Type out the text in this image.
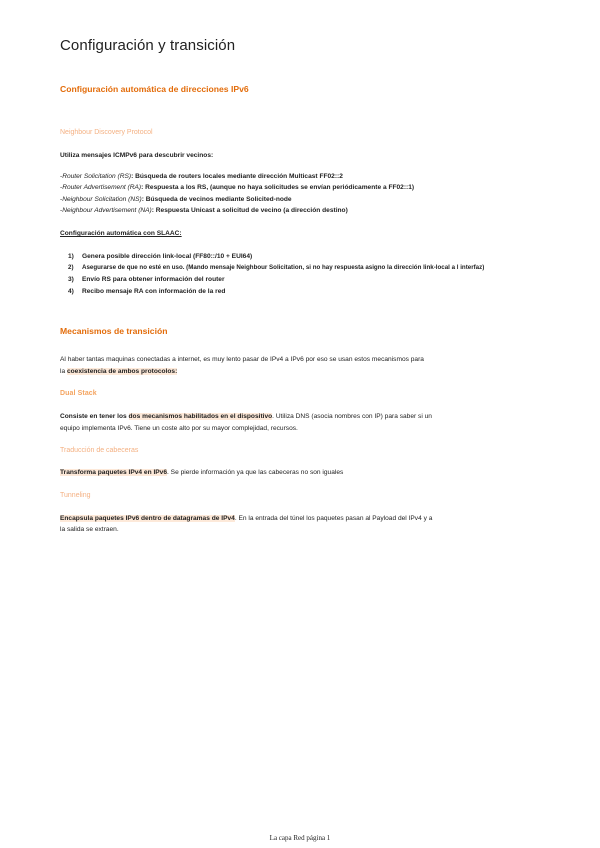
Configuración y transición
Configuración automática de direcciones IPv6
Neighbour Discovery Protocol
Utiliza mensajes ICMPv6 para descubrir vecinos:
-Router Solicitation (RS): Búsqueda de routers locales mediante dirección Multicast FF02::2
-Router Advertisement (RA): Respuesta a los RS, (aunque no haya solicitudes se envían periódicamente a FF02::1)
-Neighbour Solicitation (NS): Búsqueda de vecinos mediante Solicited-node
-Neighbour Advertisement (NA): Respuesta Unicast a solicitud de vecino (a dirección destino)
Configuración automática con SLAAC:
1) Genera posible dirección link-local (FF80::/10 + EUI64)
2) Asegurarse de que no esté en uso. (Mando mensaje Neighbour Solicitation, si no hay respuesta asigno la dirección link-local a l interfaz)
3) Envío RS para obtener información del router
4) Recibo mensaje RA con información de la red
Mecanismos de transición
Al haber tantas maquinas conectadas a internet, es muy lento pasar de IPv4 a IPv6 por eso se usan estos mecanismos para
la coexistencia de ambos protocolos:
Dual Stack
Consiste en tener los dos mecanismos habilitados en el dispositivo. Utiliza DNS (asocia nombres con IP) para saber si un
equipo implementa IPv6. Tiene un coste alto por su mayor complejidad, recursos.
Traducción de cabeceras
Transforma paquetes IPv4 en IPv6. Se pierde información ya que las cabeceras no son iguales
Tunneling
Encapsula paquetes IPv6 dentro de datagramas de IPv4. En la entrada del túnel los paquetes pasan al Payload del IPv4 y a
la salida se extraen.
La capa Red página 1
